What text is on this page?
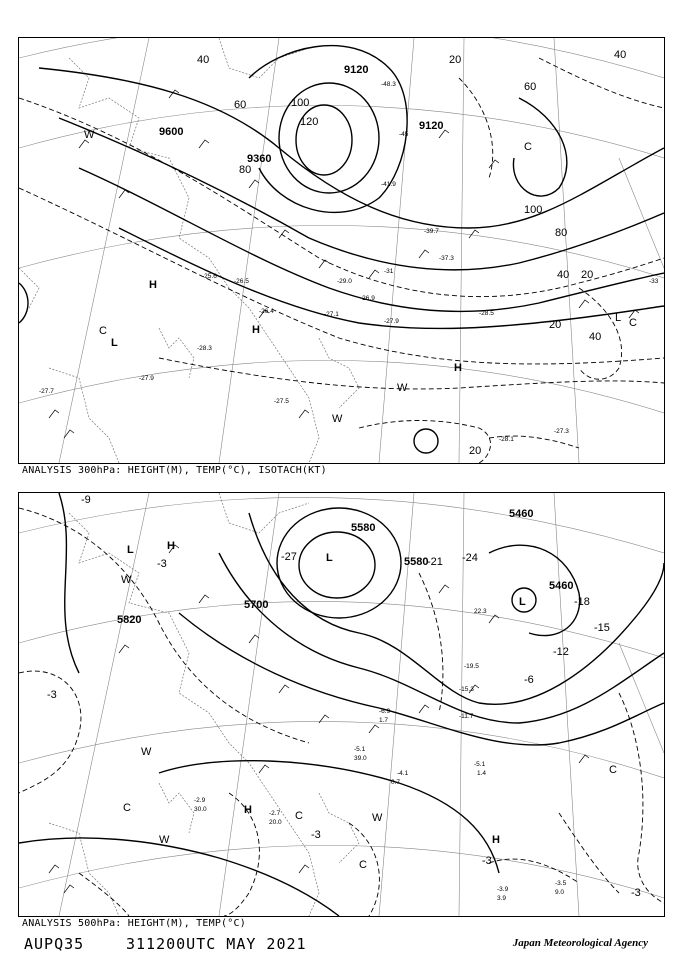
9120
9120
9600
9360
40
60
80
100
120
20	40
60
80
100
40 20
20
40
20
H
H
H
L
C
W
W
W
C
L
C
-48.3
-45
-41.9
-39.7
-37.3
-33
-31
-29.0
-28.5
-26.9
-26.5
-25.6
-27.1
-27.9
-28.1
-27.5
-27.9
-28.3
-26.4
-27.7
-27.3
ANALYSIS 300hPa: HEIGHT(M), TEMP(°C), ISOTACH(KT)
5580
5700
5820
5460
5460
5580
-9
-3
-15
-18
-21 -24
-27
-12
-6
-3
-3
-3
-3
L	H
W
C	H
W
C
W
C
H
W
L
C
L
-5.1
1.4
-4.1
0.7
-2.7
20.0
-2.9
30.0
-3.9
3.9
-3.5
9.0
-5.1
39.0
-6.9
1.7
-15.3
-11.7
-19.5
22.3
ANALYSIS 500hPa: HEIGHT(M), TEMP(°C)
AUPQ35	311200UTC MAY 2021	Japan Meteorological Agency
